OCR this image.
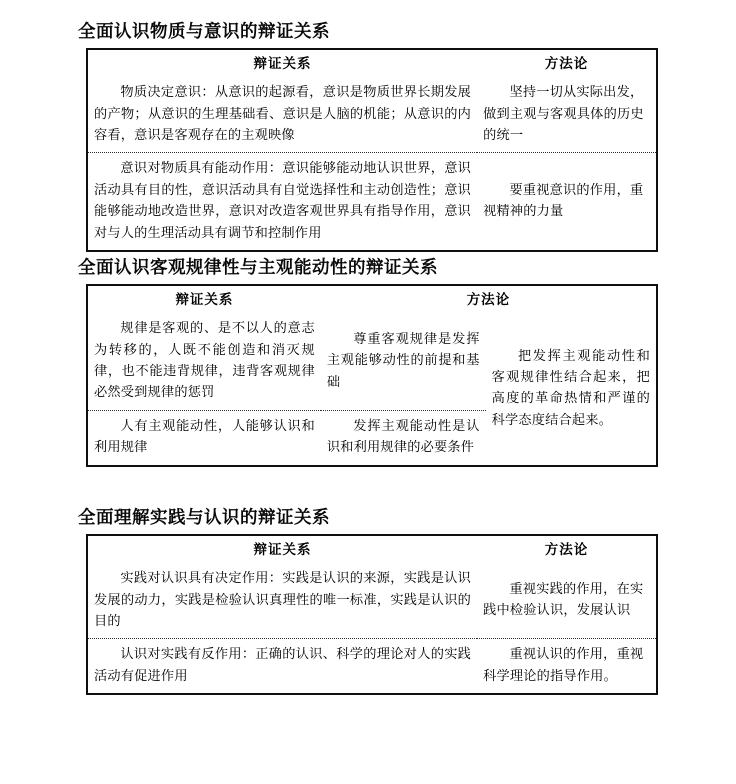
全面认识物质与意识的辩证关系
辩证关系	方法论

物质决定意识：从意识的起源看，意识是物质世界长期发展的产物；从意识的生理基础看、意识是人脑的机能；从意识的内容看，意识是客观存在的主观映像	坚持一切从实际出发，做到主观与客观具体的历史的统一

意识对物质具有能动作用：意识能够能动地认识世界，意识活动具有目的性，意识活动具有自觉选择性和主动创造性；意识能够能动地改造世界，意识对改造客观世界具有指导作用，意识对与人的生理活动具有调节和控制作用	要重视意识的作用，重视精神的力量

全面认识客观规律性与主观能动性的辩证关系
辩证关系	方法论	

规律是客观的、是不以人的意志为转移的，人既不能创造和消灭规律，也不能违背规律，违背客观规律必然受到规律的惩罚	尊重客观规律是发挥主观能够动性的前提和基础	把发挥主观能动性和客观规律性结合起来，把高度的革命热情和严谨的科学态度结合起来。

人有主观能动性，人能够认识和利用规律	发挥主观能动性是认识和利用规律的必要条件	

全面理解实践与认识的辩证关系
辩证关系	方法论

实践对认识具有决定作用：实践是认识的来源，实践是认识发展的动力，实践是检验认识真理性的唯一标准，实践是认识的目的	重视实践的作用，在实践中检验认识，发展认识

认识对实践有反作用：正确的认识、科学的理论对人的实践活动有促进作用	重视认识的作用，重视科学理论的指导作用。
